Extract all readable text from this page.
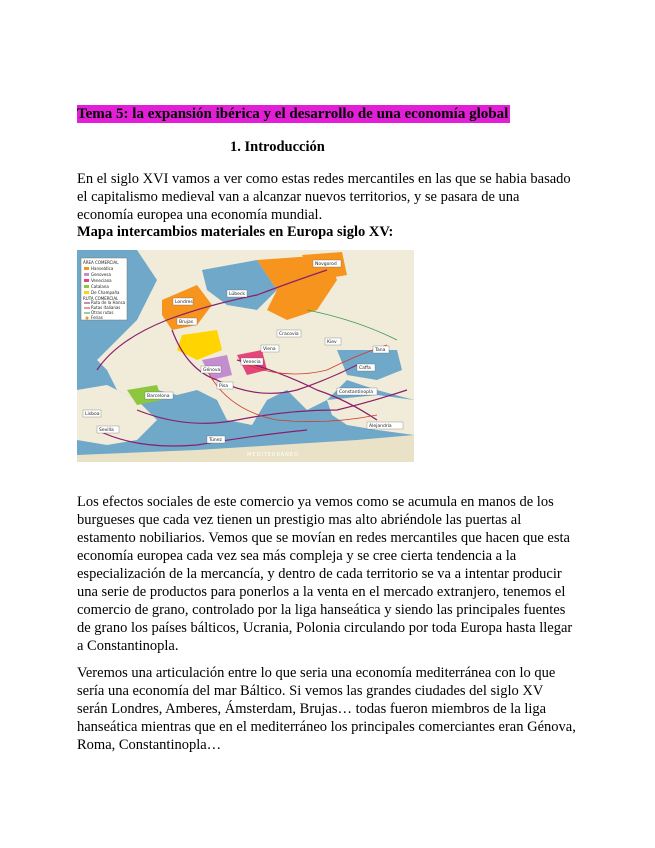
Tema 5: la expansión ibérica y el desarrollo de una economía global
1. Introducción
En el siglo XVI vamos a ver como estas redes mercantiles en las que se habia basado el capitalismo medieval van a alcanzar nuevos territorios, y se pasara de una economía europea una economía mundial.
Mapa intercambios materiales en Europa siglo XV:
ÁREA COMERCIAL
Hanseática
Genovesa
Veneciana
Catalana
De Champaña
RUTA COMERCIAL
Ruta de la Hansa
Rutas italianas
Otras rutas
Ferias
Londres
Brujas
Lübeck
Novgorod
Génova
Venecia
Pisa
Barcelona
Constantinopla
Kiev
Cracovia
Viena	Tana
Caffa
Lisboa
Sevilla
Túnez
Alejandría
MEDITERRÁNEO
Los efectos sociales de este comercio ya vemos como se acumula en manos de los burgueses que cada vez tienen un prestigio mas alto abriéndole las puertas al estamento nobiliarios. Vemos que se movían en redes mercantiles que hacen que esta economía europea cada vez sea más compleja y se cree cierta tendencia a la especialización de la mercancía, y dentro de cada territorio se va a intentar producir una serie de productos para ponerlos a la venta en el mercado extranjero, tenemos el comercio de grano, controlado por la liga hanseática y siendo las principales fuentes de grano los países bálticos, Ucrania, Polonia circulando por toda Europa hasta llegar a Constantinopla.
Veremos una articulación entre lo que seria una economía mediterránea con lo que sería una economía del mar Báltico. Si vemos las grandes ciudades del siglo XV serán Londres, Amberes, Ámsterdam, Brujas… todas fueron miembros de la liga hanseática mientras que en el mediterráneo los principales comerciantes eran Génova, Roma, Constantinopla…
